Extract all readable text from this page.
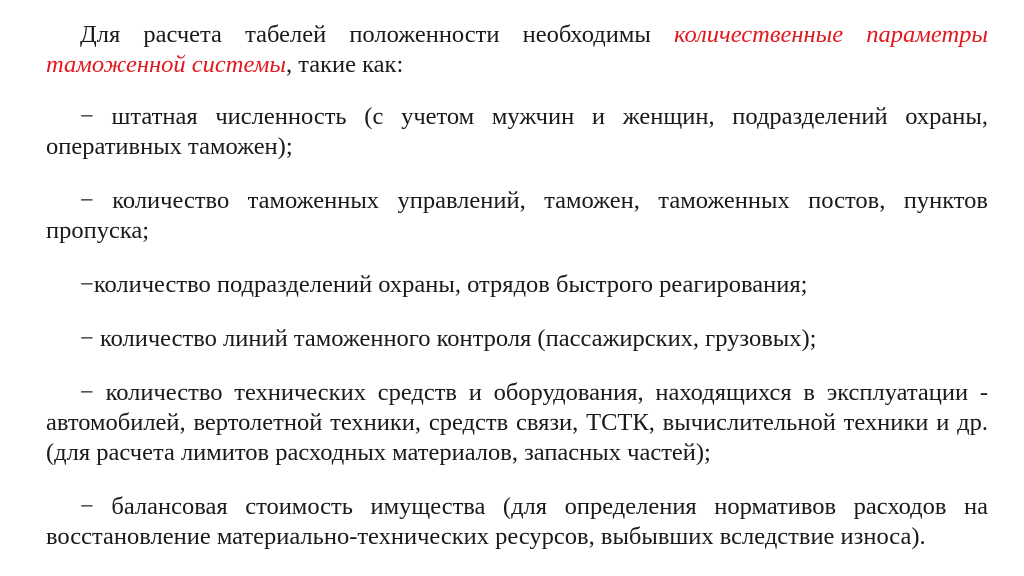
Для расчета табелей положенности необходимы количественные параметры таможенной системы, такие как:

− штатная численность (с учетом мужчин и женщин, подразделений охраны, оперативных таможен);

− количество таможенных управлений, таможен, таможенных постов, пунктов пропуска;

−количество подразделений охраны, отрядов быстрого реагирования;

− количество линий таможенного контроля (пассажирских, грузовых);

− количество технических средств и оборудования, находящихся в эксплуатации - автомобилей, вертолетной техники, средств связи, ТСТК, вычислительной техники и др. (для расчета лимитов расходных материалов, запасных частей);

− балансовая стоимость имущества (для определения нормативов расходов на восстановление материально-технических ресурсов, выбывших вследствие износа).
